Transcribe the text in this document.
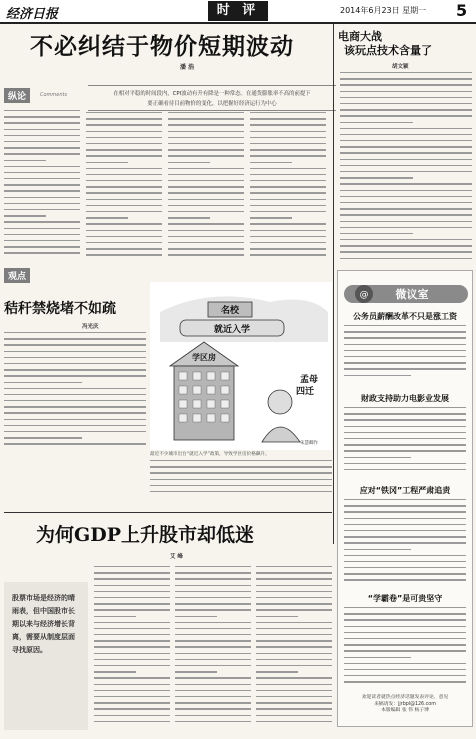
经济日报	时 评	2014年6月23日 星期一 5
不必纠结于物价短期波动
潘 浩
在相对平稳的时间段内，CPI波动有升有降是一种常态。在通货膨胀率不高的前提下
要正确看待目前物价的变化，以把握好经济运行为中心
纵论	Comments
电商大战
该玩点技术含量了
胡文颖
观点
秸秆禁烧堵不如疏
冯光庆
名校
就近入学
学区房
孟母
四迁
朱慧卿作
最近不少城市出台“就近入学”政策，导致学区房价格飙升。
@ 微议室
公务员薪酬改革不只是涨工资
财政支持助力电影业发展
应对“铁冈”工程严肃追责
“学霸卷”是可贵坚守
欢迎读者就热点经济话题发表评论、意见
来稿请发：jjrbpl@126.com
本版编辑 张 伟 杨子博
为何GDP上升股市却低迷
艾 峰
股票市场是经济的晴雨表，但中国股市长期以来与经济增长背离，需要从制度层面寻找原因。
